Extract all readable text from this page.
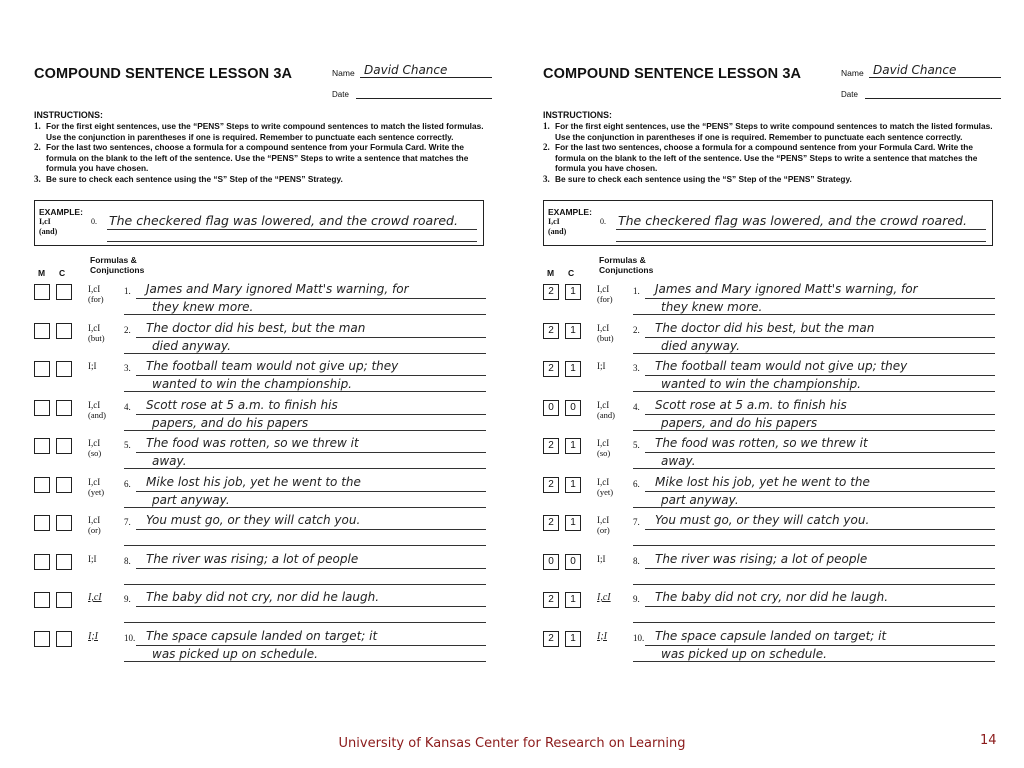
COMPOUND SENTENCE LESSON 3A	Name David Chance
Date
INSTRUCTIONS:
1. For the first eight sentences, use the “PENS” Steps to write compound sentences to match the listed formulas. Use the conjunction in parentheses if one is required. Remember to punctuate each sentence correctly.
2. For the last two sentences, choose a formula for a compound sentence from your Formula Card. Write the formula on the blank to the left of the sentence. Use the “PENS” Steps to write a sentence that matches the formula you have chosen.
3. Be sure to check each sentence using the “S” Step of the “PENS” Strategy.
EXAMPLE:
I,cI
(and)
0. The checkered flag was lowered, and the crowd roared.
M C
Formulas &
Conjunctions
I,cI
(for)
1. James and Mary ignored Matt's warning, for
they knew more.
I,cI
(but)
2. The doctor did his best, but the man
died anyway.
I;I	3. The football team would not give up; they
wanted to win the championship.
I,cI
(and)
4. Scott rose at 5 a.m. to finish his
papers, and do his papers
I,cI
(so)
5. The food was rotten, so we threw it
away.
I,cI
(yet)
6. Mike lost his job, yet he went to the
part anyway.
I,cI
(or)
7. You must go, or they will catch you.
I;I	8. The river was rising; a lot of people
I,cI 9. The baby did not cry, nor did he laugh.
I;I	10. The space capsule landed on target; it
was picked up on schedule.
COMPOUND SENTENCE LESSON 3A	Name David Chance
Date
INSTRUCTIONS:
1. For the first eight sentences, use the “PENS” Steps to write compound sentences to match the listed formulas. Use the conjunction in parentheses if one is required. Remember to punctuate each sentence correctly.
2. For the last two sentences, choose a formula for a compound sentence from your Formula Card. Write the formula on the blank to the left of the sentence. Use the “PENS” Steps to write a sentence that matches the formula you have chosen.
3. Be sure to check each sentence using the “S” Step of the “PENS” Strategy.
EXAMPLE:
I,cI
(and)
0. The checkered flag was lowered, and the crowd roared.
M C
Formulas &
Conjunctions
2	1	I,cI
(for)
1. James and Mary ignored Matt's warning, for
they knew more.
2	1	I,cI
(but)
2. The doctor did his best, but the man
died anyway.
2	1	I;I	3. The football team would not give up; they
wanted to win the championship.
0	0	I,cI
(and)
4. Scott rose at 5 a.m. to finish his
papers, and do his papers
2	1	I,cI
(so)
5. The food was rotten, so we threw it
away.
2	1	I,cI
(yet)
6. Mike lost his job, yet he went to the
part anyway.
2	1	I,cI
(or)
7. You must go, or they will catch you.
0	0	I;I	8. The river was rising; a lot of people
2	1	I,cI 9. The baby did not cry, nor did he laugh.
2	1	I;I	10. The space capsule landed on target; it
was picked up on schedule.
University of Kansas Center for Research on Learning	14
